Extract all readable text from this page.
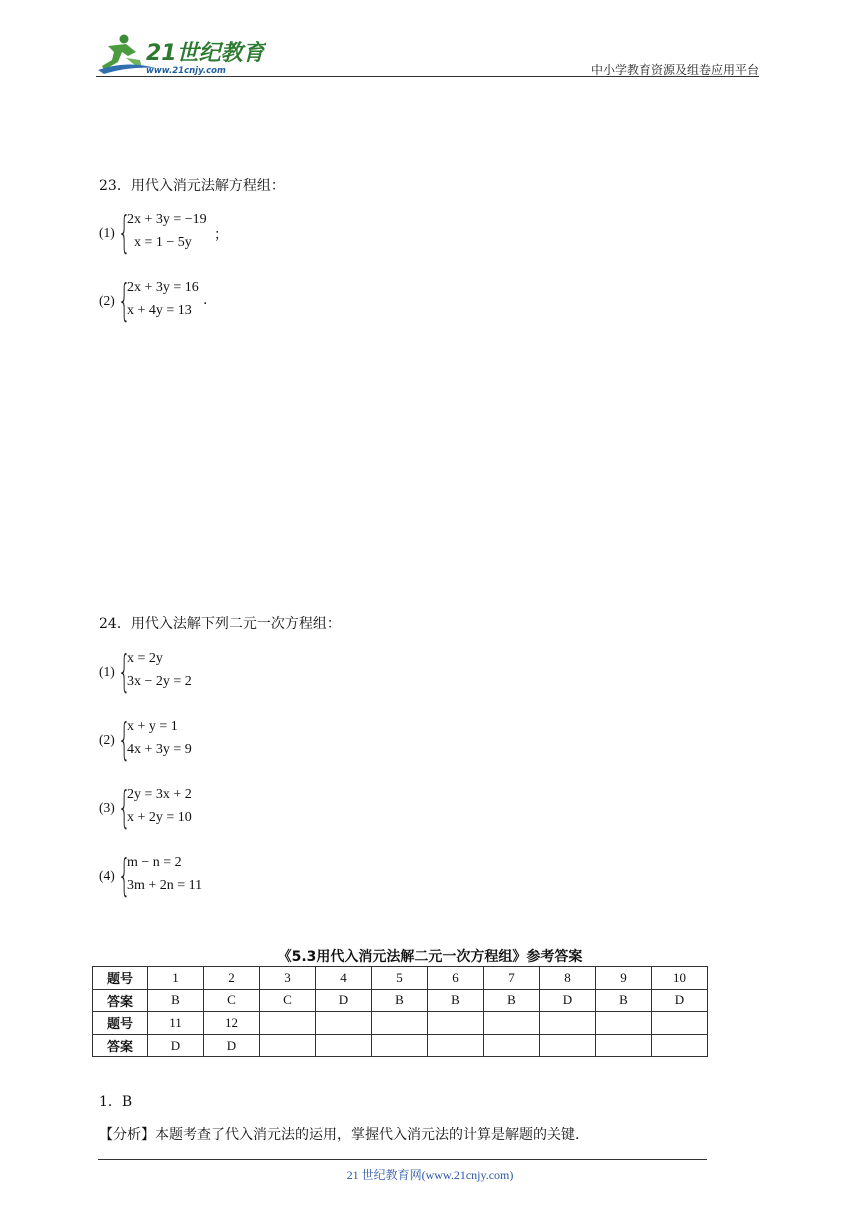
21世纪教育
www.21cnjy.com	中小学教育资源及组卷应用平台
23．用代入消元法解方程组：
(1) {
2x + 3y = −19
x = 1 − 5y ；
(2) {
2x + 3y = 16
x + 4y = 13
.
24．用代入法解下列二元一次方程组：
(1) {
x = 2y
3x − 2y = 2
(2) {
x + y = 1
4x + 3y = 9
(3) {
2y = 3x + 2
x + 2y = 10
(4) {
m − n = 2
3m + 2n = 11
《5.3用代入消元法解二元一次方程组》参考答案
题号	1	2	3	4	5	6	7	8	9	10
答案	B	C	C	D	B	B	B	D	B	D
题号	11	12								
答案	D	D								
1．B
【分析】本题考查了代入消元法的运用，掌握代入消元法的计算是解题的关键.
21 世纪教育网(www.21cnjy.com)
